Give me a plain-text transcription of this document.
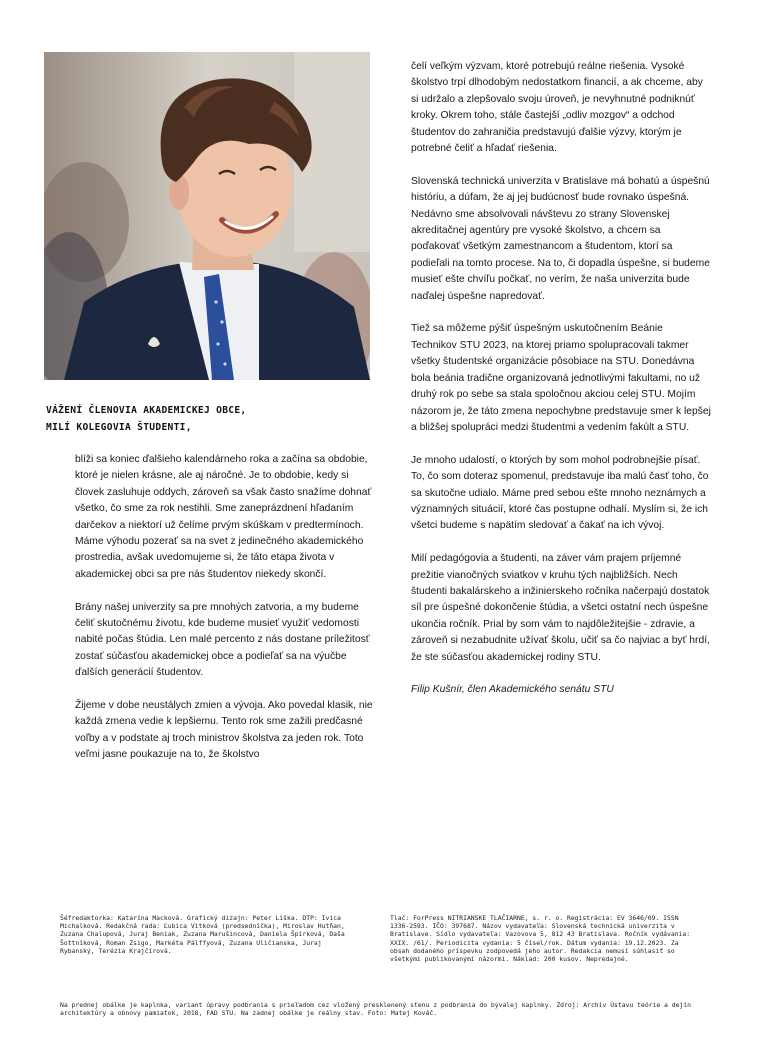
VÁŽENÍ ČLENOVIA AKADEMICKEJ OBCE,
MILÍ KOLEGOVIA ŠTUDENTI,

blíži sa koniec ďalšieho kalendárneho roka a začína sa obdobie, ktoré je nielen krásne, ale aj náročné. Je to obdobie, kedy si človek zasluhuje oddych, zároveň sa však často snažíme dohnať všetko, čo sme za rok nestihli. Sme zaneprázdnení hľadaním darčekov a niektorí už čelíme prvým skúškam v predtermínoch. Máme výhodu pozerať sa na svet z jedinečného akademického prostredia, avšak uvedomujeme si, že táto etapa života v akademickej obci sa pre nás študentov niekedy skončí.

Brány našej univerzity sa pre mnohých zatvoria, a my budeme čeliť skutočnému životu, kde budeme musieť využiť vedomosti nabité počas štúdia. Len malé percento z nás dostane príležitosť zostať súčasťou akademickej obce a podieľať sa na výučbe ďalších generácií študentov.

Žijeme v dobe neustálych zmien a vývoja. Ako povedal klasik, nie každá zmena vedie k lepšiemu. Tento rok sme zažili predčasné voľby a v podstate aj troch ministrov školstva za jeden rok. Toto veľmi jasne poukazuje na to, že školstvo

čelí veľkým výzvam, ktoré potrebujú reálne riešenia. Vysoké školstvo trpí dlhodobým nedostatkom financií, a ak chceme, aby si udržalo a zlepšovalo svoju úroveň, je nevyhnutné podniknúť kroky. Okrem toho, stále častejší „odliv mozgov“ a odchod študentov do zahraničia predstavujú ďalšie výzvy, ktorým je potrebné čeliť a hľadať riešenia.

Slovenská technická univerzita v Bratislave má bohatú a úspešnú históriu, a dúfam, že aj jej budúcnosť bude rovnako úspešná. Nedávno sme absolvovali návštevu zo strany Slovenskej akreditačnej agentúry pre vysoké školstvo, a chcem sa poďakovať všetkým zamestnancom a študentom, ktorí sa podieľali na tomto procese. Na to, či dopadla úspešne, si budeme musieť ešte chvíľu počkať, no verím, že naša univerzita bude naďalej úspešne napredovať.

Tiež sa môžeme pýšiť úspešným uskutočnením Beánie Technikov STU 2023, na ktorej priamo spolupracovali takmer všetky študentské organizácie pôsobiace na STU. Donedávna bola beánia tradične organizovaná jednotlivými fakultami, no už druhý rok po sebe sa stala spoločnou akciou celej STU. Mojím názorom je, že táto zmena nepochybne predstavuje smer k lepšej a bližšej spolupráci medzi študentmi a vedením fakúlt a STU.

Je mnoho udalostí, o ktorých by som mohol podrobnejšie písať. To, čo som doteraz spomenul, predstavuje iba malú časť toho, čo sa skutočne udialo. Máme pred sebou ešte mnoho neznámych a významných situácií, ktoré čas postupne odhalí. Myslím si, že ich všetci budeme s napätím sledovať a čakať na ich vývoj.

Milí pedagógovia a študenti, na záver vám prajem príjemné prežitie vianočných sviatkov v kruhu tých najbližších. Nech študenti bakalárskeho a inžinierskeho ročníka načerpajú dostatok síl pre úspešné dokončenie štúdia, a všetci ostatní nech úspešne ukončia ročník. Prial by som vám to najdôležitejšie - zdravie, a zároveň si nezabudnite užívať školu, učiť sa čo najviac a byť hrdí, že ste súčasťou akademickej rodiny STU.

Filip Kušnír, člen Akademického senátu STU

Šéfredaktorka: Katarína Macková. Grafický dizajn: Peter Liška. DTP: Ivica Michalková. Redakčná rada: Ľubica Vitková (predsedníčka), Miroslav Hutňan, Zuzana Chalupová, Juraj Beniak, Zuzana Marušincová, Daniela Špirková, Daša Šottníková, Roman Zsigo, Markéta Pálffyová, Zuzana Uličianska, Juraj Rybanský, Terézia Krajčírová.
Tlač: ForPress NITRIANSKE TLAČIARNE, s. r. o. Registrácia: EV 3646/09. ISSN 1336-2593. IČO: 397687. Názov vydavateľa: Slovenská technická univerzita v Bratislave. Sídlo vydavateľa: Vazovova 5, 812 43 Bratislava. Ročník vydávania: XXIX. /61/. Periodicita vydania: 5 čísel/rok. Dátum vydania: 19.12.2023. Za obsah dodaného príspevku zodpovedá jeho autor. Redakcia nemusí súhlasiť so všetkými publikovanými názormi. Náklad: 200 kusov. Nepredajné.
Na prednej obálke je kaplnka, variant úpravy podbrania s prieľadom cez vložený presklenený stenu z podbrania do bývalej kaplnky. Zdroj: Archív Ústavu teórie a dejín architektúry a obnovy pamiatok, 2018, FAD STU. Na zadnej obálke je reálny stav. Foto: Matej Kováč.
